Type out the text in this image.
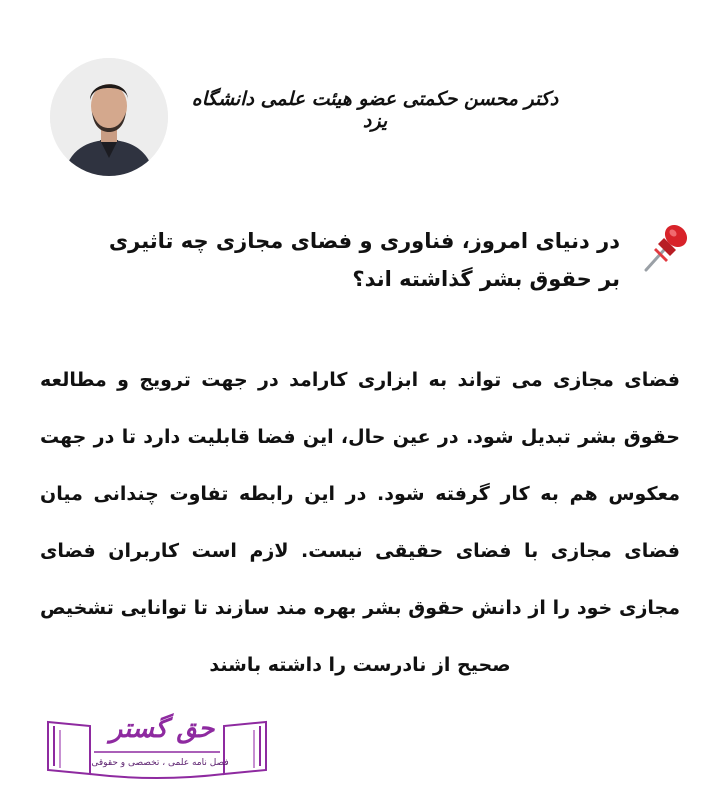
دکتر محسن حکمتی عضو هیئت علمی دانشگاه یزد

در دنیای امروز، فناوری و فضای مجازی چه تاثیری بر حقوق بشر گذاشته اند؟

فضای مجازی می تواند به ابزاری کارامد در جهت ترویج و مطالعه حقوق بشر تبدیل شود. در عین حال، این فضا قابلیت دارد تا در جهت معکوس هم به کار گرفته شود. در این رابطه تفاوت چندانی میان فضای مجازی با فضای حقیقی نیست. لازم است کاربران فضای مجازی خود را از دانش حقوق بشر بهره مند سازند تا توانایی تشخیص صحیح از نادرست را داشته باشند

حق گستر
فصل نامه علمی ، تخصصی و حقوقی
